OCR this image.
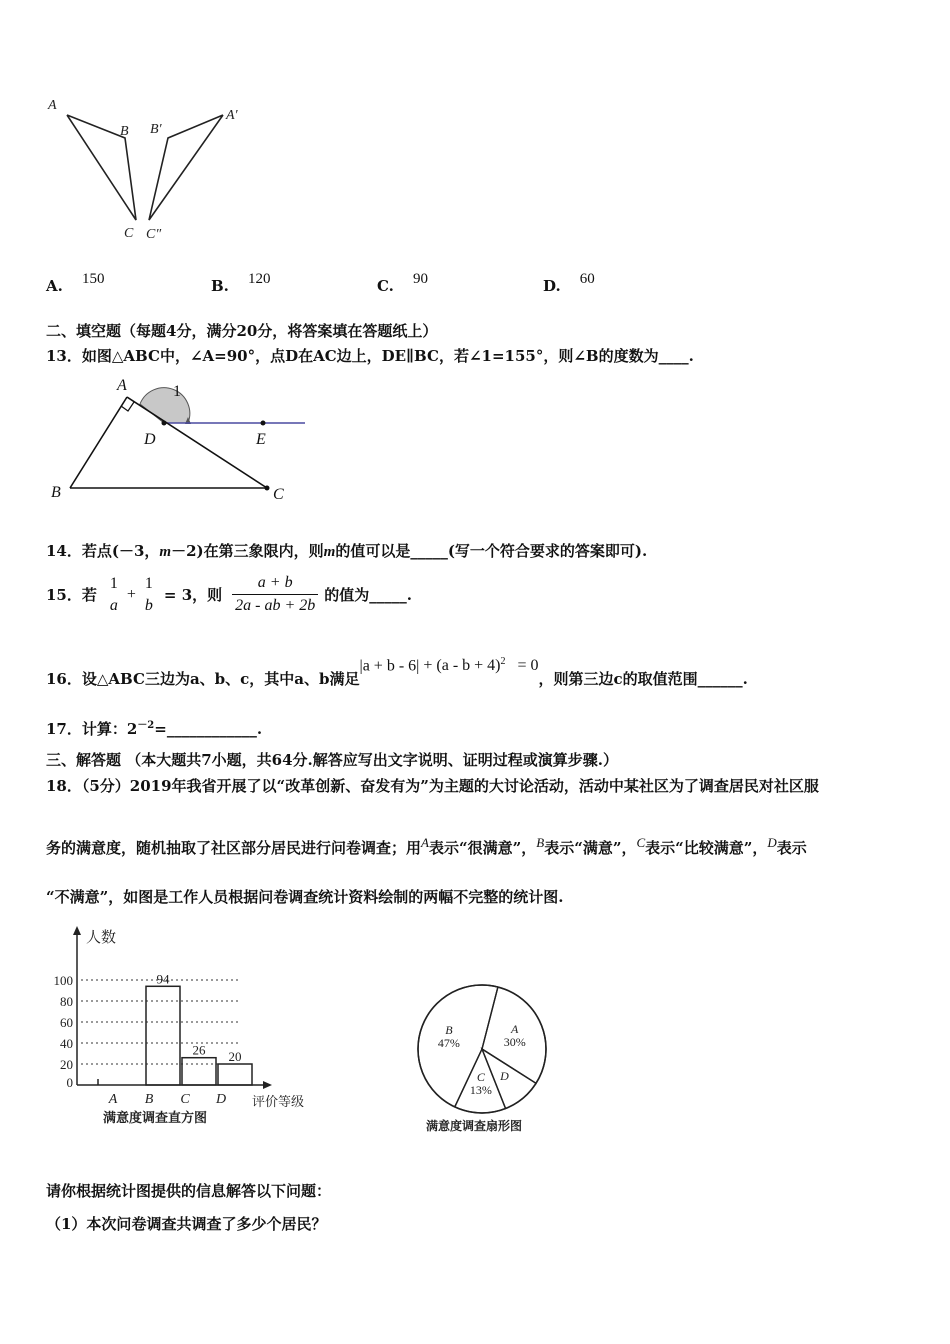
A
B
C
B′
A′
C″
A. 150	B. 120	C. 90	D. 60
二、填空题（每题4分，满分20分，将答案填在答题纸上）
13．如图△ABC中，∠A=90°，点D在AC边上，DE∥BC，若∠1=155°，则∠B的度数为____.
A	1
D	E
B	C
14．若点(－3，m－2)在第三象限内，则m的值可以是_____(写一个符合要求的答案即可).
15．若
1
a
+
1
b
= 3，则 $\frac{a + b}{2a - ab + 2b}$ 的值为_____.
16．设△ABC三边为a、b、c，其中a、b满足
$|a + b - 6| + (a - b + 4)^2 = 0$
，则第三边c的取值范围______.
17．计算：$2^{-2}=\_\_\_\_\_\_\_\_\_\_\_\_$.
三、解答题 （本大题共7小题，共64分.解答应写出文字说明、证明过程或演算步骤.）
18．（5分）2019年我省开展了以“改革创新、奋发有为”为主题的大讨论活动，活动中某社区为了调查居民对社区服
务的满意度，随机抽取了社区部分居民进行问卷调查；用$^A$表示“很满意”，$^B$表示“满意”，$^C$表示“比较满意”，$^D$表示
“不满意”，如图是工作人员根据问卷调查统计资料绘制的两幅不完整的统计图.
人数
评价等级
满意度调查直方图
0
20
40
60
80
100
A
94
B
26
C
20
D
A
30%
D
C
13%
B
47%
满意度调查扇形图
请你根据统计图提供的信息解答以下问题：
（1）本次问卷调查共调查了多少个居民？
